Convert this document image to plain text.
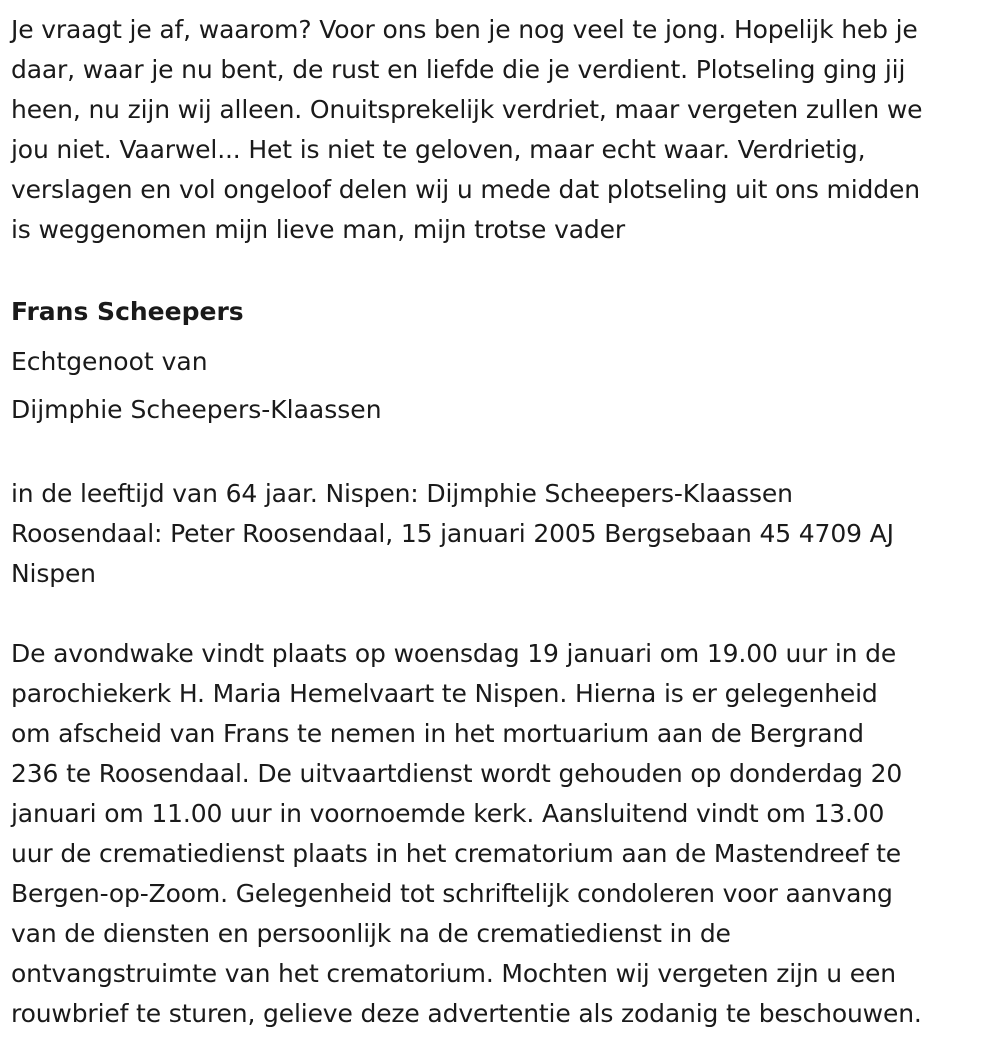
Je vraagt je af, waarom? Voor ons ben je nog veel te jong. Hopelijk heb je
daar, waar je nu bent, de rust en liefde die je verdient. Plotseling ging jij
heen, nu zijn wij alleen. Onuitsprekelijk verdriet, maar vergeten zullen we
jou niet. Vaarwel... Het is niet te geloven, maar echt waar. Verdrietig,
verslagen en vol ongeloof delen wij u mede dat plotseling uit ons midden
is weggenomen mijn lieve man, mijn trotse vader

Frans Scheepers

Echtgenoot van

Dijmphie Scheepers-Klaassen

in de leeftijd van 64 jaar. Nispen: Dijmphie Scheepers-Klaassen
Roosendaal: Peter Roosendaal, 15 januari 2005 Bergsebaan 45 4709 AJ
Nispen

De avondwake vindt plaats op woensdag 19 januari om 19.00 uur in de
parochiekerk H. Maria Hemelvaart te Nispen. Hierna is er gelegenheid
om afscheid van Frans te nemen in het mortuarium aan de Bergrand
236 te Roosendaal. De uitvaartdienst wordt gehouden op donderdag 20
januari om 11.00 uur in voornoemde kerk. Aansluitend vindt om 13.00
uur de crematiedienst plaats in het crematorium aan de Mastendreef te
Bergen-op-Zoom. Gelegenheid tot schriftelijk condoleren voor aanvang
van de diensten en persoonlijk na de crematiedienst in de
ontvangstruimte van het crematorium. Mochten wij vergeten zijn u een
rouwbrief te sturen, gelieve deze advertentie als zodanig te beschouwen.
